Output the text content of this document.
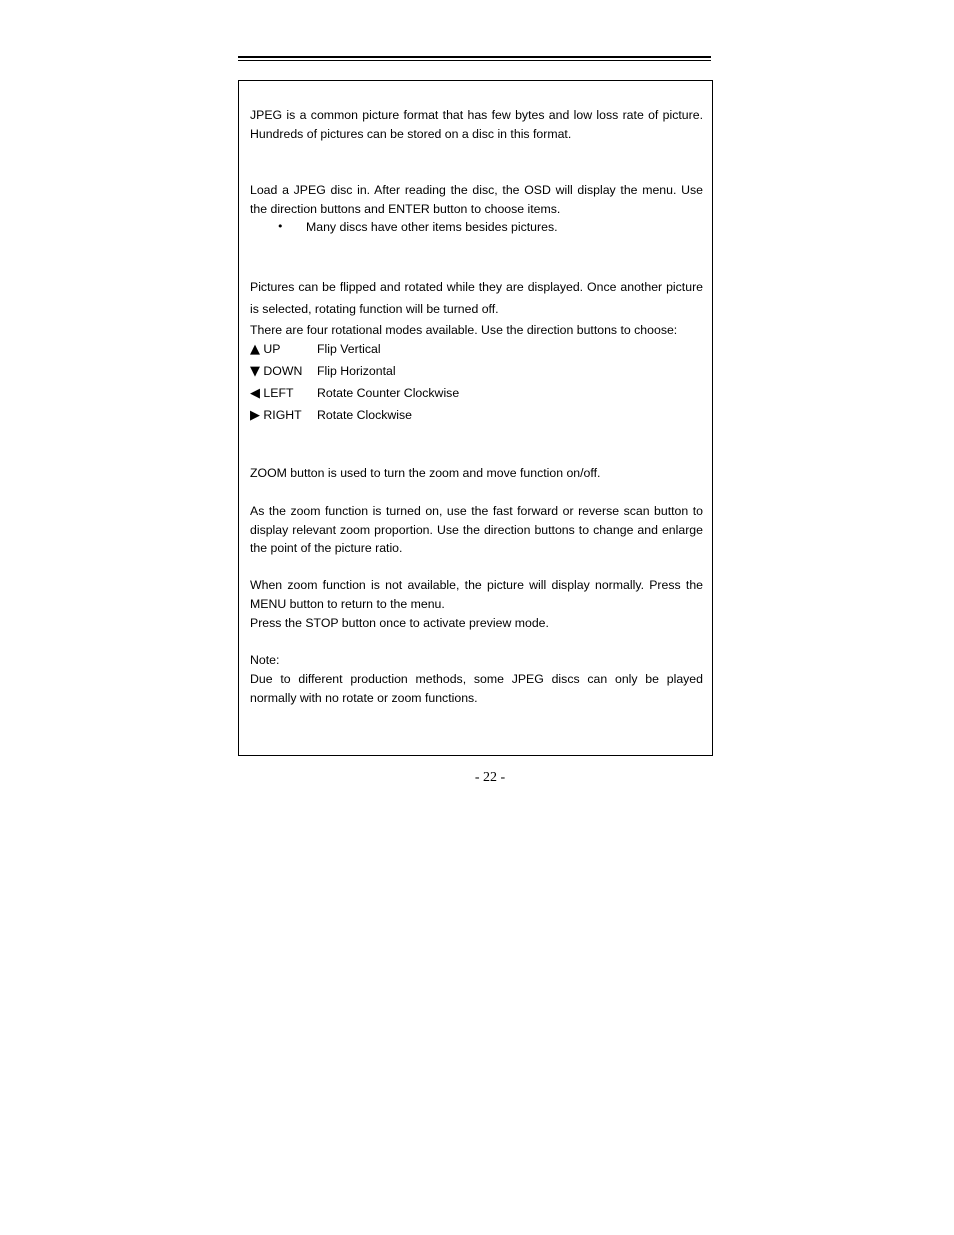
JPEG is a common picture format that has few bytes and low loss rate of picture. Hundreds of pictures can be stored on a disc in this format.

Load a JPEG disc in. After reading the disc, the OSD will display the menu. Use the direction buttons and ENTER button to choose items.

• Many discs have other items besides pictures.

Pictures can be flipped and rotated while they are displayed. Once another picture is selected, rotating function will be turned off.

There are four rotational modes available. Use the direction buttons to choose:

▲ UP	Flip Vertical
▼ DOWN Flip Horizontal
◀ LEFT Rotate Counter Clockwise
▶ RIGHT Rotate Clockwise

ZOOM button is used to turn the zoom and move function on/off.

As the zoom function is turned on, use the fast forward or reverse scan button to display relevant zoom proportion. Use the direction buttons to change and enlarge the point of the picture ratio.

When zoom function is not available, the picture will display normally. Press the MENU button to return to the menu.

Press the STOP button once to activate preview mode.

Note:

Due to different production methods, some JPEG discs can only be played normally with no rotate or zoom functions.

- 22 -
